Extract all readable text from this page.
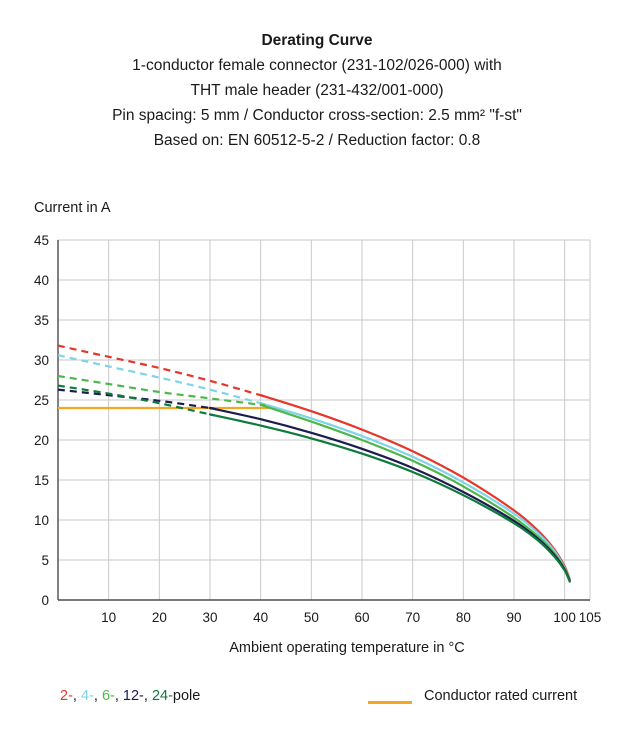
Derating Curve
1-conductor female connector (231-102/026-000) with
THT male header (231-432/001-000)
Pin spacing: 5 mm / Conductor cross-section: 2.5 mm² "f-st"
Based on: EN 60512-5-2 / Reduction factor: 0.8
Current in A
0
5
10
15
20
25
30
35
40
45
10	20	30	40	50	60	70	80	90 100 105
Ambient operating temperature in °C
2-, 4-, 6-, 12-, 24-pole	Conductor rated current
